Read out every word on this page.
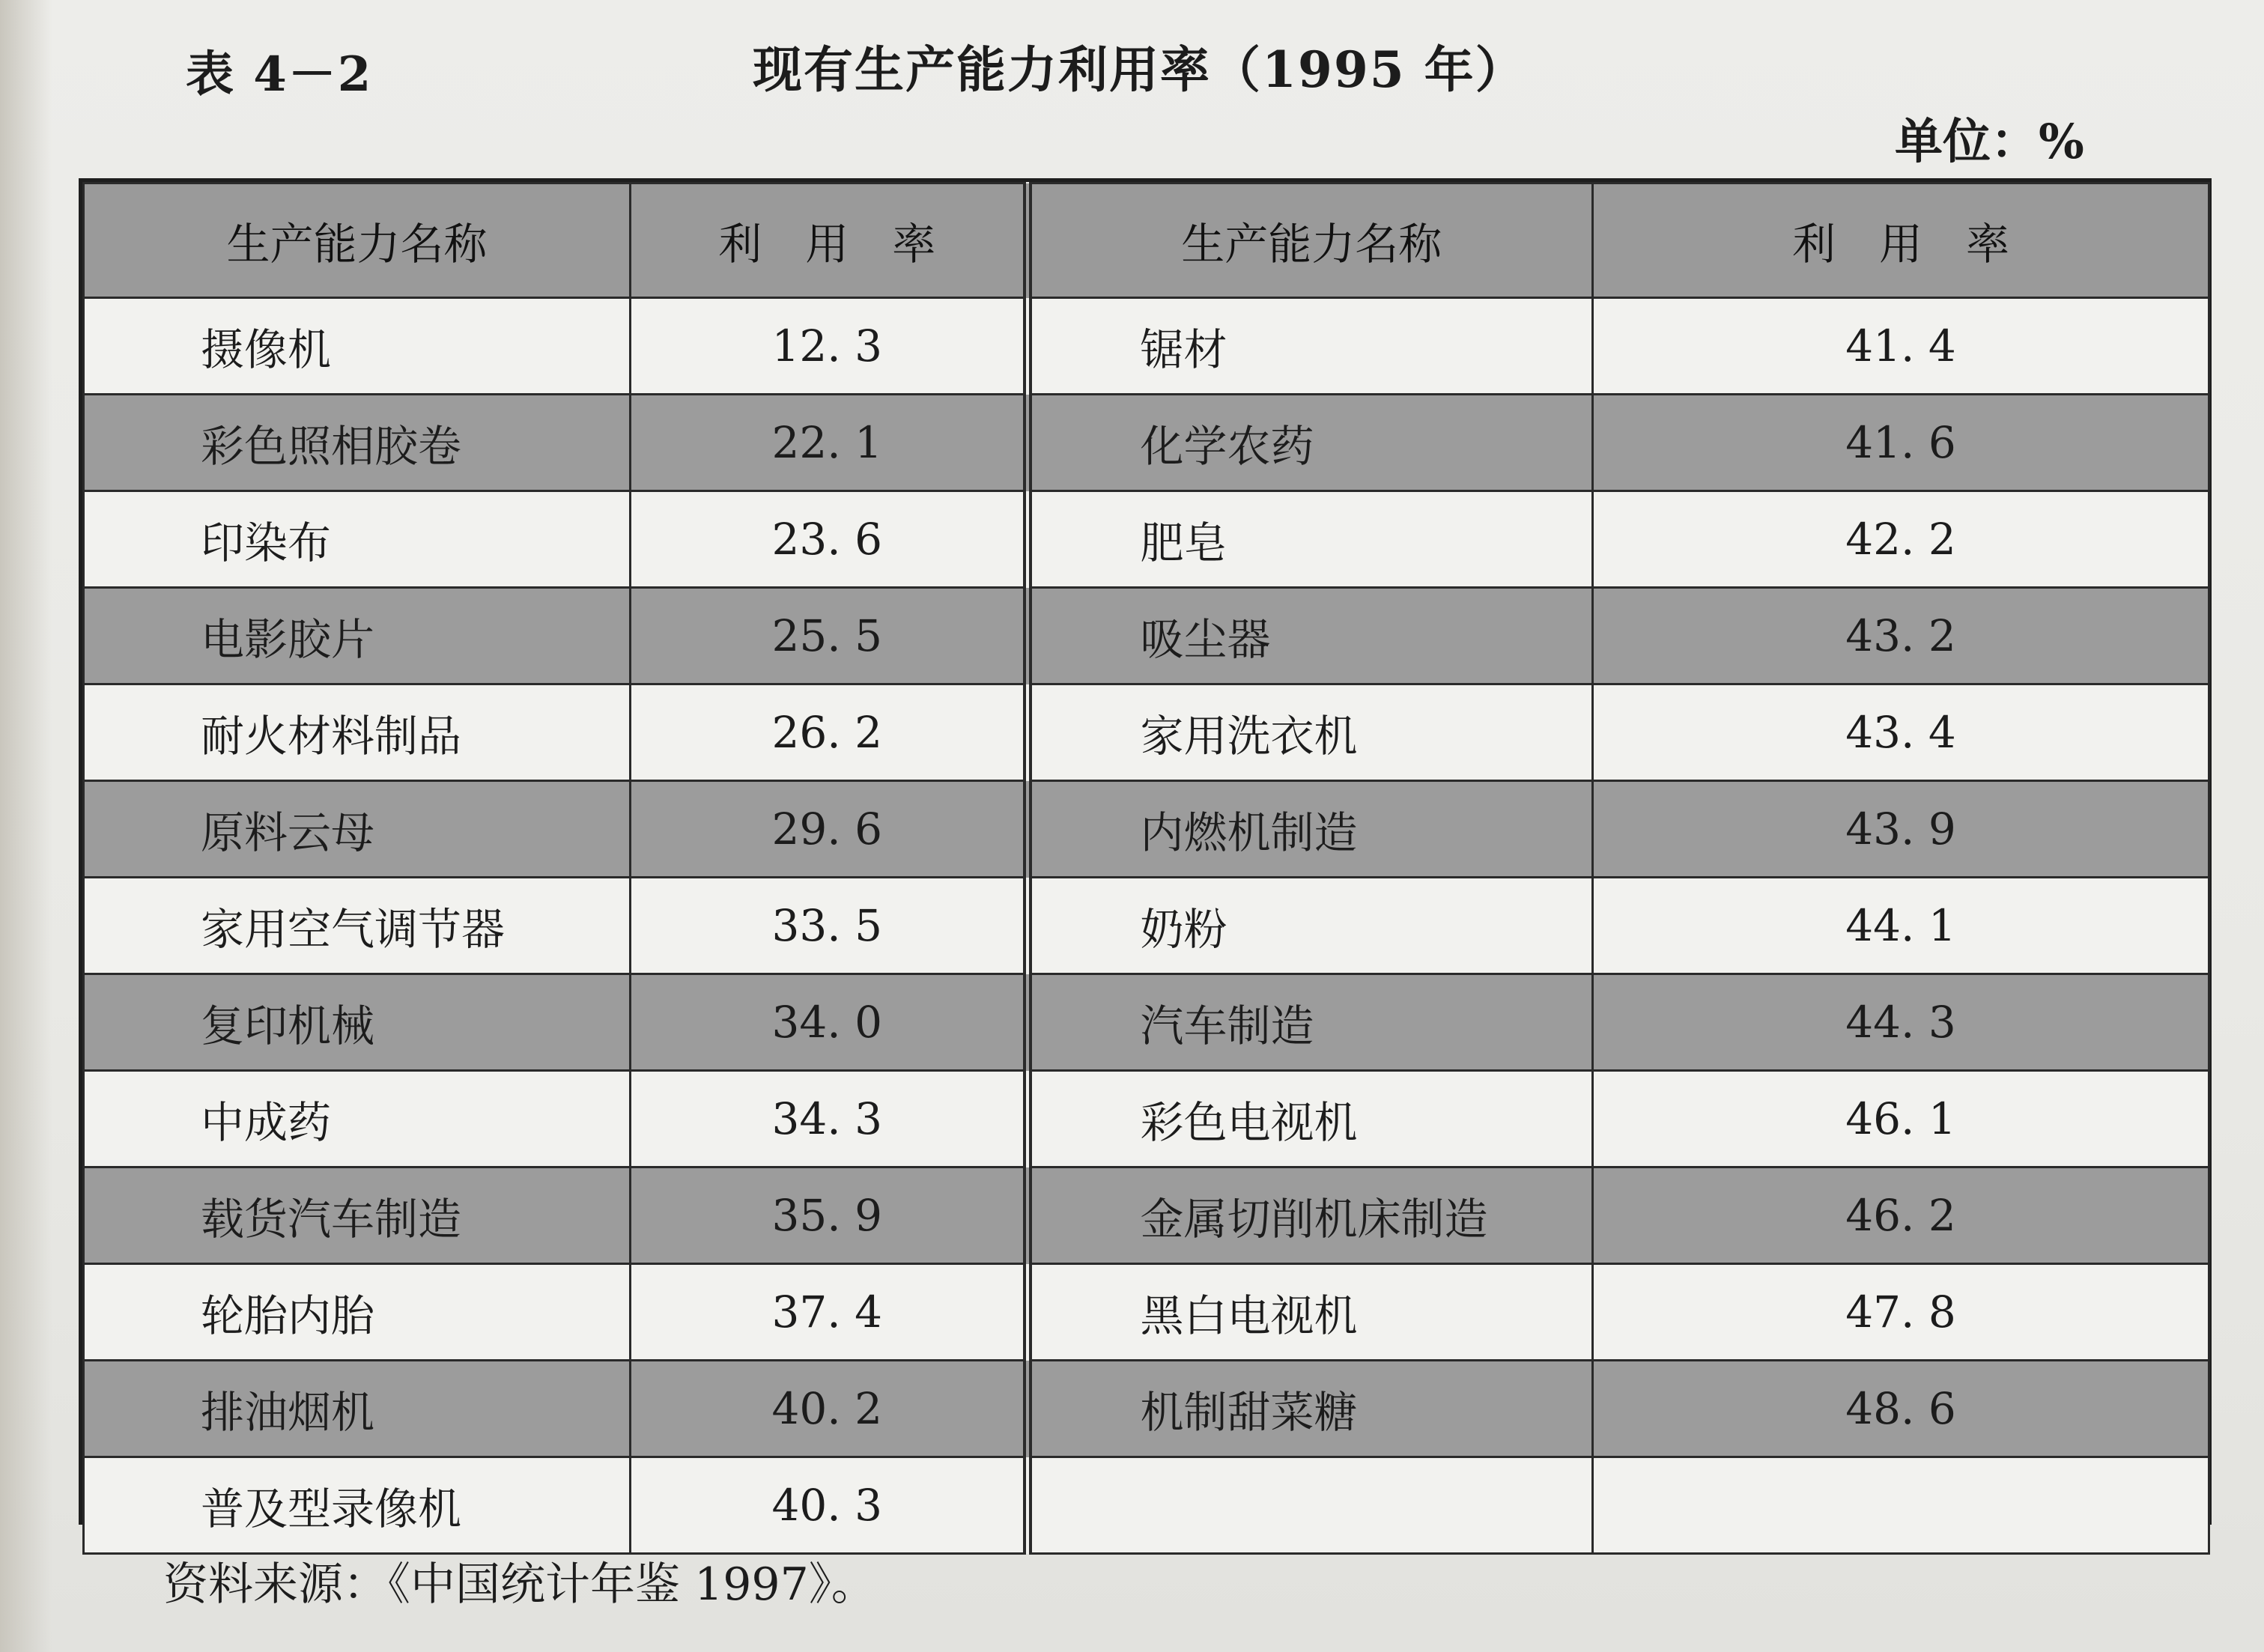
表 4－2	现有生产能力利用率（1995 年）
单位：%
生产能力名称	利　用　率	生产能力名称	利　用　率
摄像机	12. 3	锯材	41. 4
彩色照相胶卷	22. 1	化学农药	41. 6
印染布	23. 6	肥皂	42. 2
电影胶片	25. 5	吸尘器	43. 2
耐火材料制品	26. 2	家用洗衣机	43. 4
原料云母	29. 6	内燃机制造	43. 9
家用空气调节器	33. 5	奶粉	44. 1
复印机械	34. 0	汽车制造	44. 3
中成药	34. 3	彩色电视机	46. 1
载货汽车制造	35. 9	金属切削机床制造	46. 2
轮胎内胎	37. 4	黑白电视机	47. 8
排油烟机	40. 2	机制甜菜糖	48. 6
普及型录像机	40. 3		
资料来源：《中国统计年鉴 1997》。
